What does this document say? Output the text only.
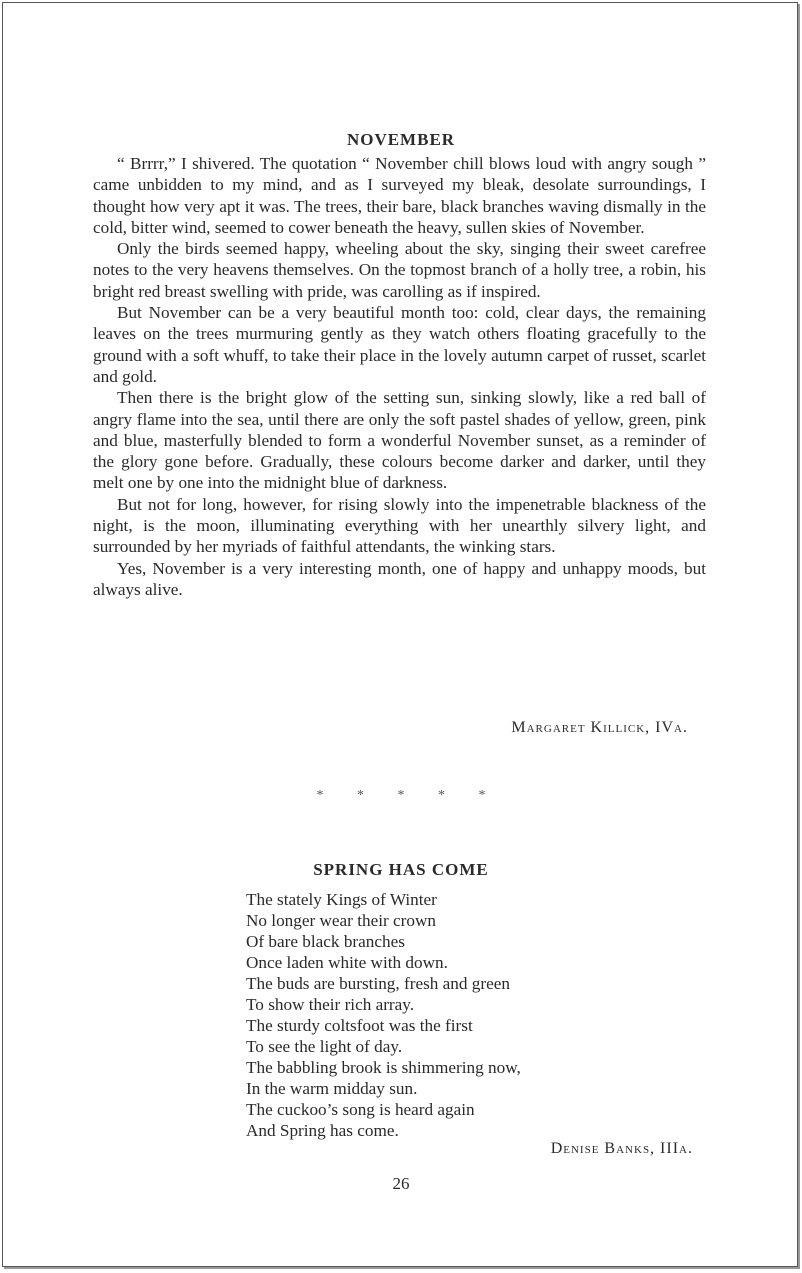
NOVEMBER

“ Brrrr,” I shivered. The quotation “ November chill blows loud with angry sough ” came unbidden to my mind, and as I surveyed my bleak, desolate surroundings, I thought how very apt it was. The trees, their bare, black branches waving dismally in the cold, bitter wind, seemed to cower beneath the heavy, sullen skies of November.

Only the birds seemed happy, wheeling about the sky, singing their sweet carefree notes to the very heavens themselves. On the topmost branch of a holly tree, a robin, his bright red breast swelling with pride, was carolling as if inspired.

But November can be a very beautiful month too: cold, clear days, the remaining leaves on the trees murmuring gently as they watch others floating gracefully to the ground with a soft whuff, to take their place in the lovely autumn carpet of russet, scarlet and gold.

Then there is the bright glow of the setting sun, sinking slowly, like a red ball of angry flame into the sea, until there are only the soft pastel shades of yellow, green, pink and blue, masterfully blended to form a wonderful November sunset, as a reminder of the glory gone before. Gradually, these colours become darker and darker, until they melt one by one into the midnight blue of darkness.

But not for long, however, for rising slowly into the impenetrable blackness of the night, is the moon, illuminating everything with her unearthly silvery light, and surrounded by her myriads of faithful attendants, the winking stars.

Yes, November is a very interesting month, one of happy and unhappy moods, but always alive.

Margaret Killick, IVa.
* * * * *
SPRING HAS COME
The stately Kings of Winter
No longer wear their crown
Of bare black branches
Once laden white with down.
The buds are bursting, fresh and green
To show their rich array.
The sturdy coltsfoot was the first
To see the light of day.
The babbling brook is shimmering now,
In the warm midday sun.
The cuckoo’s song is heard again
And Spring has come.
Denise Banks, IIIa.
26
